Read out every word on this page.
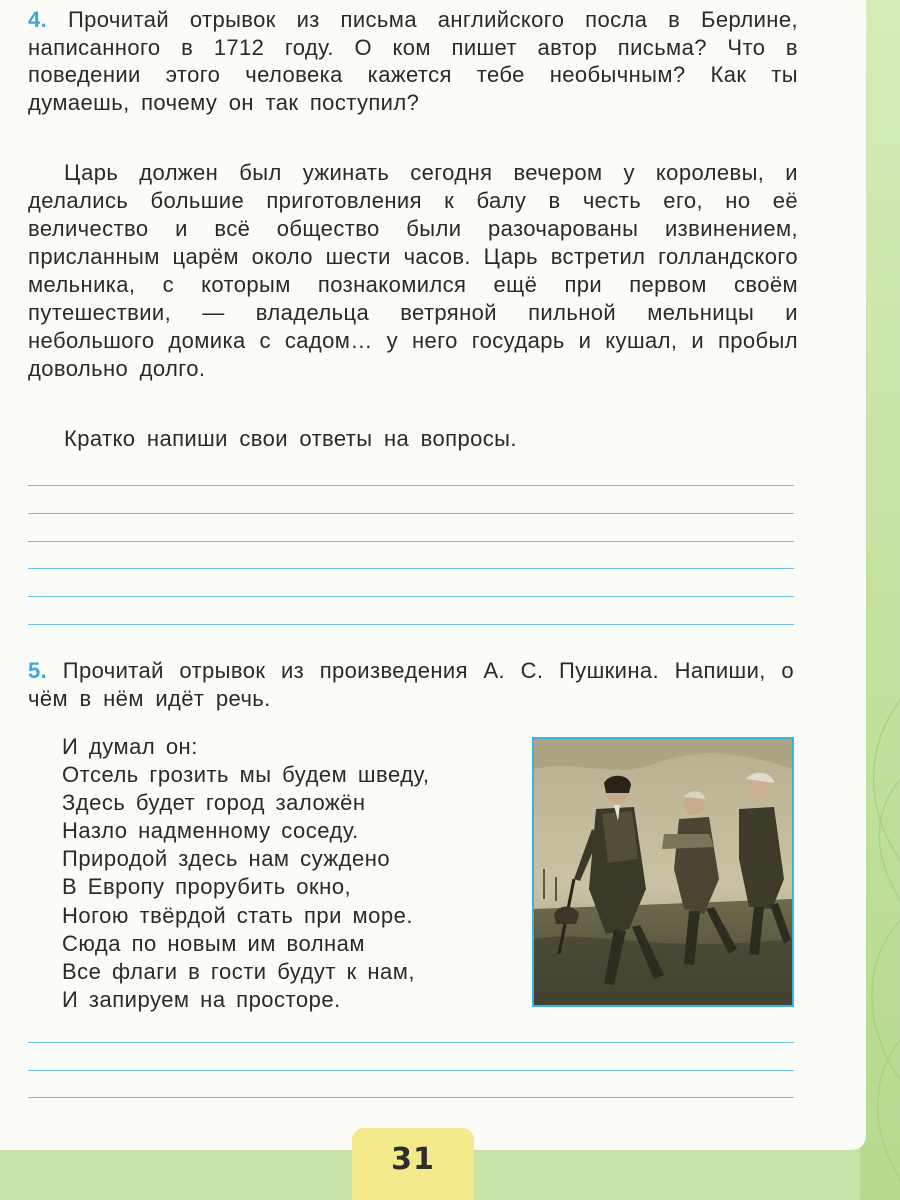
4. Прочитай отрывок из письма английского посла в Берлине, написанного в 1712 году. О ком пишет автор письма? Что в поведении этого человека кажется тебе необычным? Как ты думаешь, почему он так поступил?

Царь должен был ужинать сегодня вечером у королевы, и делались большие приготовления к балу в честь его, но её величество и всё общество были разочарованы извинением, присланным царём около шести часов. Царь встретил голландского мельника, с которым познакомился ещё при первом своём путешествии, — владельца ветряной пильной мельницы и небольшого домика с садом… у него государь и кушал, и пробыл довольно долго.

Кратко напиши свои ответы на вопросы.

5. Прочитай отрывок из произведения А. С. Пушкина. Напиши, о чём в нём идёт речь.

И думал он:
Отсель грозить мы будем шведу,
Здесь будет город заложён
Назло надменному соседу.
Природой здесь нам суждено
В Европу прорубить окно,
Ногою твёрдой стать при море.
Сюда по новым им волнам
Все флаги в гости будут к нам,
И запируем на просторе.
31
